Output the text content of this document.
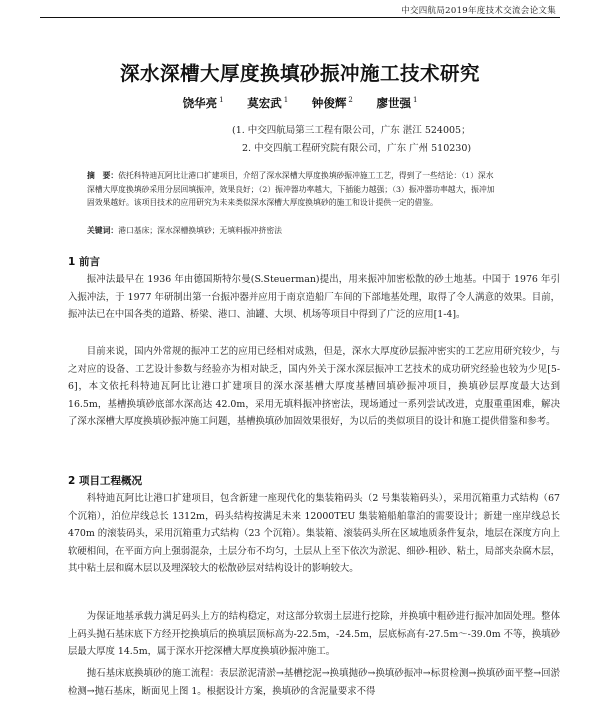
中交四航局2019年度技术交流会论文集
深水深槽大厚度换填砂振冲施工技术研究
饶华亮 $^1$ 莫宏武 $^1$ 钟俊辉 $^2$ 廖世强 $^1$
(1. 中交四航局第三工程有限公司，广东 湛江 524005；
2. 中交四航工程研究院有限公司，广东 广州 510230)
摘　要：依托科特迪瓦阿比让港口扩建项目，介绍了深水深槽大厚度换填砂振冲施工工艺，得到了一些结论：（1）深水深槽大厚度换填砂采用分层回填振冲，效果良好；（2）振冲器功率越大，下插能力越强；（3）振冲器功率越大，振冲加固效果越好。该项目技术的应用研究为未来类似深水深槽大厚度换填砂的施工和设计提供一定的借鉴。
关键词：港口基床；深水深槽换填砂；无填料振冲挤密法
1 前言
振冲法最早在 1936 年由德国斯特尔曼(S.Steuerman)提出，用来振冲加密松散的砂土地基。中国于 1976 年引入振冲法，于 1977 年研制出第一台振冲器并应用于南京造船厂车间的下部地基处理，取得了令人满意的效果。目前，振冲法已在中国各类的道路、桥梁、港口、油罐、大坝、机场等项目中得到了广泛的应用[1-4]。
目前来说，国内外常规的振冲工艺的应用已经相对成熟，但是，深水大厚度砂层振冲密实的工艺应用研究较少，与之对应的设备、工艺设计参数与经验亦为相对缺乏，国内外关于深水深层振冲工艺技术的成功研究经验也较为少见[5-6]，本文依托科特迪瓦阿比让港口扩建项目的深水深基槽大厚度基槽回填砂振冲项目，换填砂层厚度最大达到 16.5m，基槽换填砂底部水深高达 42.0m，采用无填料振冲挤密法，现场通过一系列尝试改进，克服重重困难，解决了深水深槽大厚度换填砂振冲施工问题，基槽换填砂加固效果很好，为以后的类似项目的设计和施工提供借鉴和参考。
2 项目工程概况
科特迪瓦阿比让港口扩建项目，包含新建一座现代化的集装箱码头（2 号集装箱码头），采用沉箱重力式结构（67 个沉箱），泊位岸线总长 1312m，码头结构按满足未来 12000TEU 集装箱船舶靠泊的需要设计；新建一座岸线总长 470m 的滚装码头，采用沉箱重力式结构（23 个沉箱）。集装箱、滚装码头所在区域地质条件复杂，地层在深度方向上软硬相间，在平面方向上强弱混杂，土层分布不均匀，土层从上至下依次为淤泥、细砂-粗砂、粘土，局部夹杂腐木层，其中粘土层和腐木层以及埋深较大的松散砂层对结构设计的影响较大。
为保证地基承载力满足码头上方的结构稳定，对这部分软弱土层进行挖除，并换填中粗砂进行振冲加固处理。整体上码头抛石基床底下方经开挖换填后的换填层顶标高为-22.5m，-24.5m，层底标高有-27.5m～-39.0m 不等，换填砂层最大厚度 14.5m，属于深水开挖深槽大厚度换填砂振冲施工。
抛石基床底换填砂的施工流程：表层淤泥清淤→基槽挖泥→换填抛砂→换填砂振冲→标贯检测→换填砂面平整→回淤检测→抛石基床，断面见上图 1。根据设计方案，换填砂的含泥量要求不得
